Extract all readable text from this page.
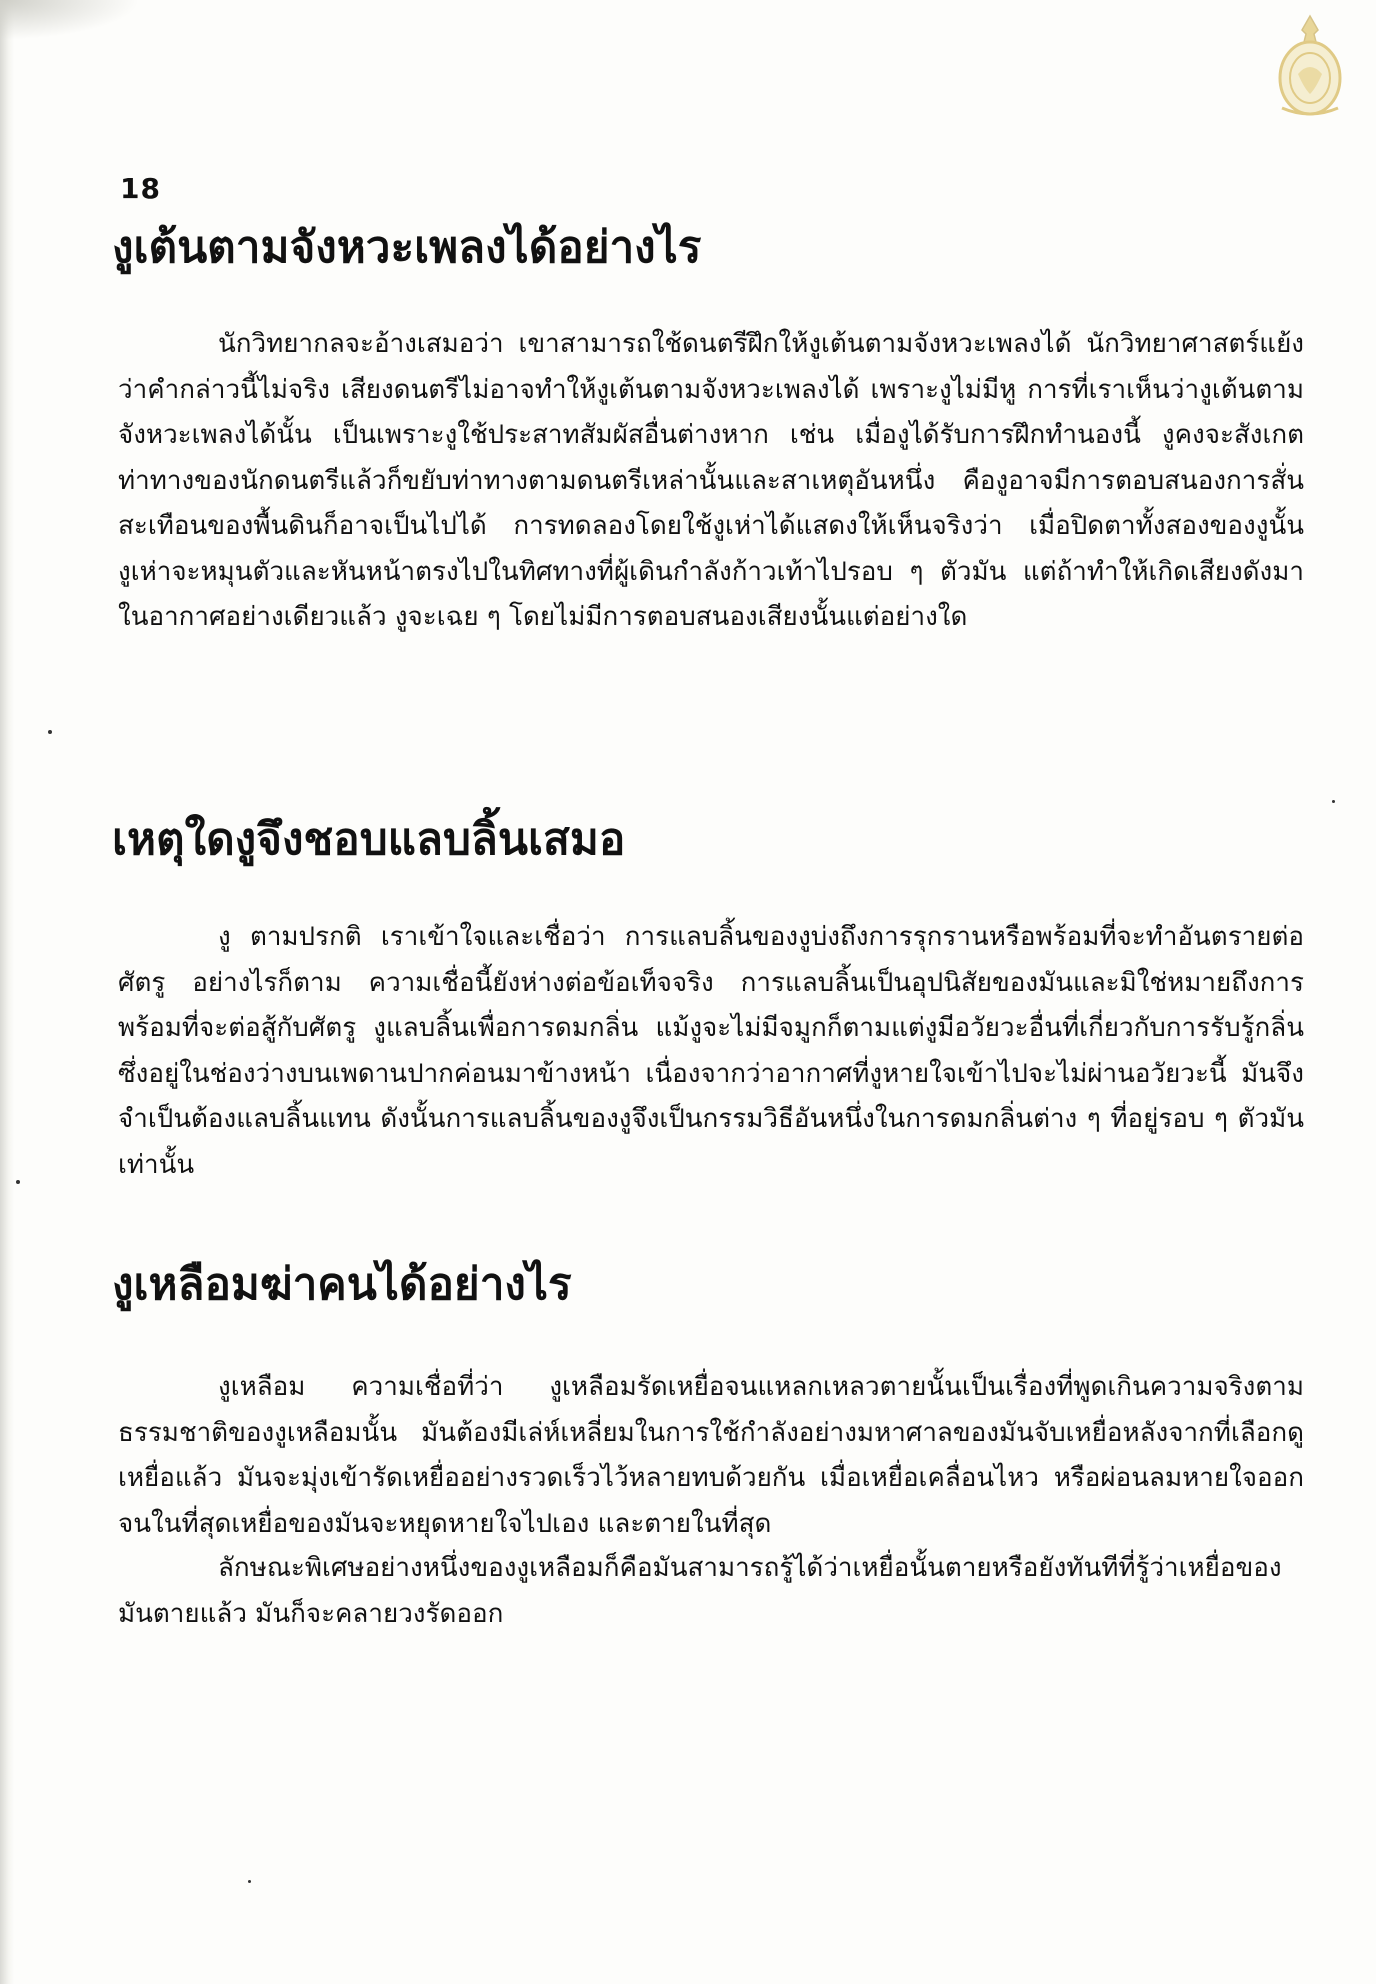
18
งูเต้นตามจังหวะเพลงได้อย่างไร

นักวิทยากลจะอ้างเสมอว่า เขาสามารถใช้ดนตรีฝึกให้งูเต้นตามจังหวะเพลงได้ นักวิทยาศาสตร์แย้งว่าคำกล่าวนี้ไม่จริง เสียงดนตรีไม่อาจทำให้งูเต้นตามจังหวะเพลงได้ เพราะงูไม่มีหู การที่เราเห็นว่างูเต้นตามจังหวะเพลงได้นั้น เป็นเพราะงูใช้ประสาทสัมผัสอื่นต่างหาก เช่น เมื่องูได้รับการฝึกทำนองนี้ งูคงจะสังเกตท่าทางของนักดนตรีแล้วก็ขยับท่าทางตามดนตรีเหล่านั้นและสาเหตุอันหนึ่ง คืองูอาจมีการตอบสนองการสั่นสะเทือนของพื้นดินก็อาจเป็นไปได้ การทดลองโดยใช้งูเห่าได้แสดงให้เห็นจริงว่า เมื่อปิดตาทั้งสองของงูนั้น งูเห่าจะหมุนตัวและหันหน้าตรงไปในทิศทางที่ผู้เดินกำลังก้าวเท้าไปรอบ ๆ ตัวมัน แต่ถ้าทำให้เกิดเสียงดังมาในอากาศอย่างเดียวแล้ว งูจะเฉย ๆ โดยไม่มีการตอบสนองเสียงนั้นแต่อย่างใด

เหตุใดงูจึงชอบแลบลิ้นเสมอ

งู ตามปรกติ เราเข้าใจและเชื่อว่า การแลบลิ้นของงูบ่งถึงการรุกรานหรือพร้อมที่จะทำอันตรายต่อศัตรู อย่างไรก็ตาม ความเชื่อนี้ยังห่างต่อข้อเท็จจริง การแลบลิ้นเป็นอุปนิสัยของมันและมิใช่หมายถึงการพร้อมที่จะต่อสู้กับศัตรู งูแลบลิ้นเพื่อการดมกลิ่น แม้งูจะไม่มีจมูกก็ตามแต่งูมีอวัยวะอื่นที่เกี่ยวกับการรับรู้กลิ่น ซึ่งอยู่ในช่องว่างบนเพดานปากค่อนมาข้างหน้า เนื่องจากว่าอากาศที่งูหายใจเข้าไปจะไม่ผ่านอวัยวะนี้ มันจึงจำเป็นต้องแลบลิ้นแทน ดังนั้นการแลบลิ้นของงูจึงเป็นกรรมวิธีอันหนึ่งในการดมกลิ่นต่าง ๆ ที่อยู่รอบ ๆ ตัวมันเท่านั้น

งูเหลือมฆ่าคนได้อย่างไร

งูเหลือม ความเชื่อที่ว่า งูเหลือมรัดเหยื่อจนแหลกเหลวตายนั้นเป็นเรื่องที่พูดเกินความจริงตามธรรมชาติของงูเหลือมนั้น มันต้องมีเล่ห์เหลี่ยมในการใช้กำลังอย่างมหาศาลของมันจับเหยื่อหลังจากที่เลือกดูเหยื่อแล้ว มันจะมุ่งเข้ารัดเหยื่ออย่างรวดเร็วไว้หลายทบด้วยกัน เมื่อเหยื่อเคลื่อนไหว หรือผ่อนลมหายใจออก จนในที่สุดเหยื่อของมันจะหยุดหายใจไปเอง และตายในที่สุด

ลักษณะพิเศษอย่างหนึ่งของงูเหลือมก็คือมันสามารถรู้ได้ว่าเหยื่อนั้นตายหรือยังทันทีที่รู้ว่าเหยื่อของมันตายแล้ว มันก็จะคลายวงรัดออก
